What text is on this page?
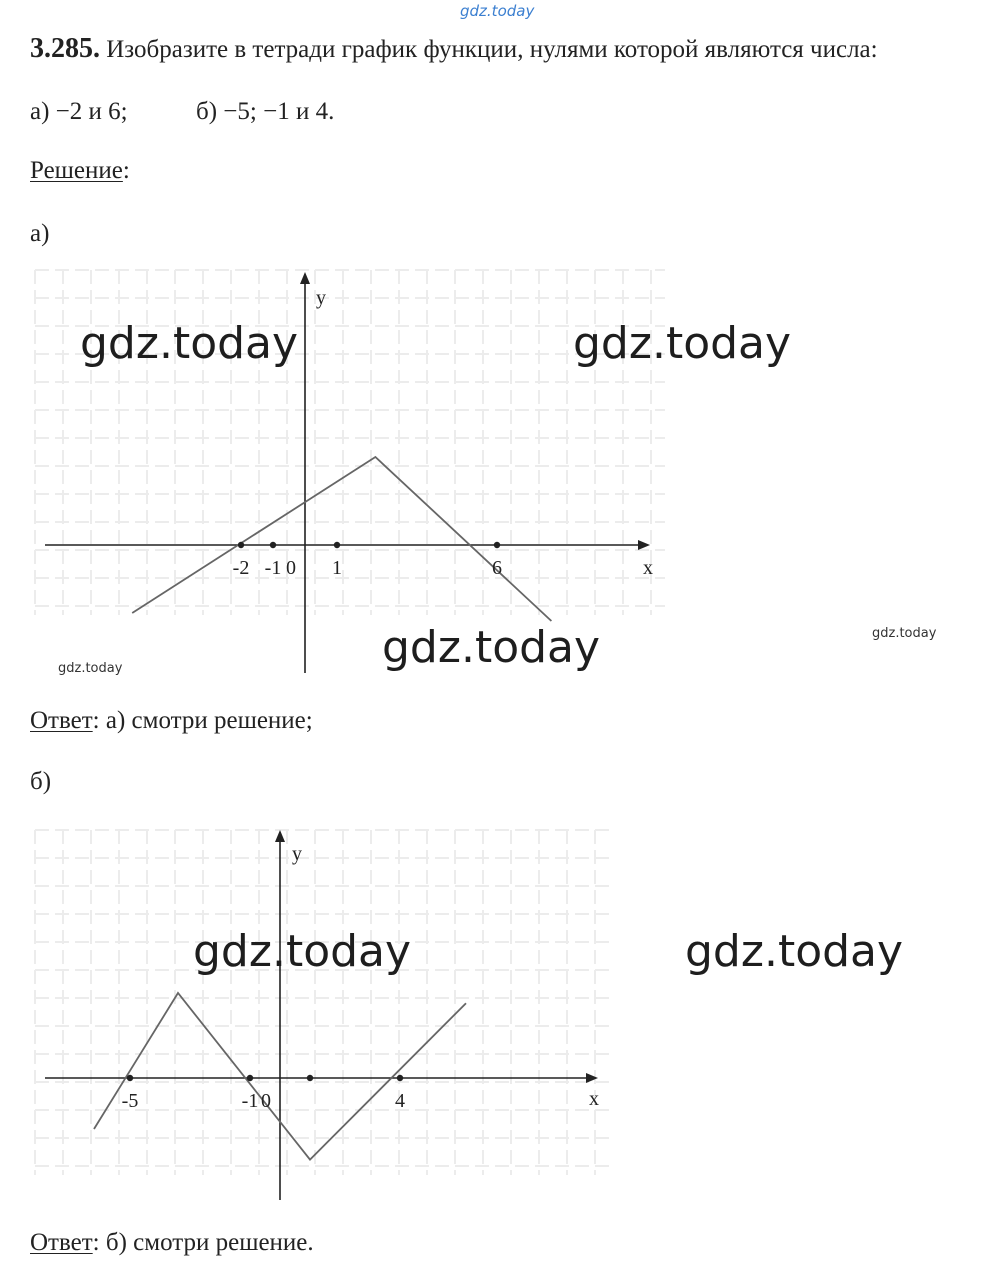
gdz.today
3.285. Изобразите в тетради график функции, нулями которой являются числа:
а) −2 и 6;	б) −5; −1 и 4.
Решение:
а)
x
y
-2 -1 0 1	6
gdz.today	gdz.today
gdz.today	gdz.today
gdz.today
Ответ: а) смотри решение;
б)
x
y
-5	-1 0	4
gdz.today	gdz.today
Ответ: б) смотри решение.
